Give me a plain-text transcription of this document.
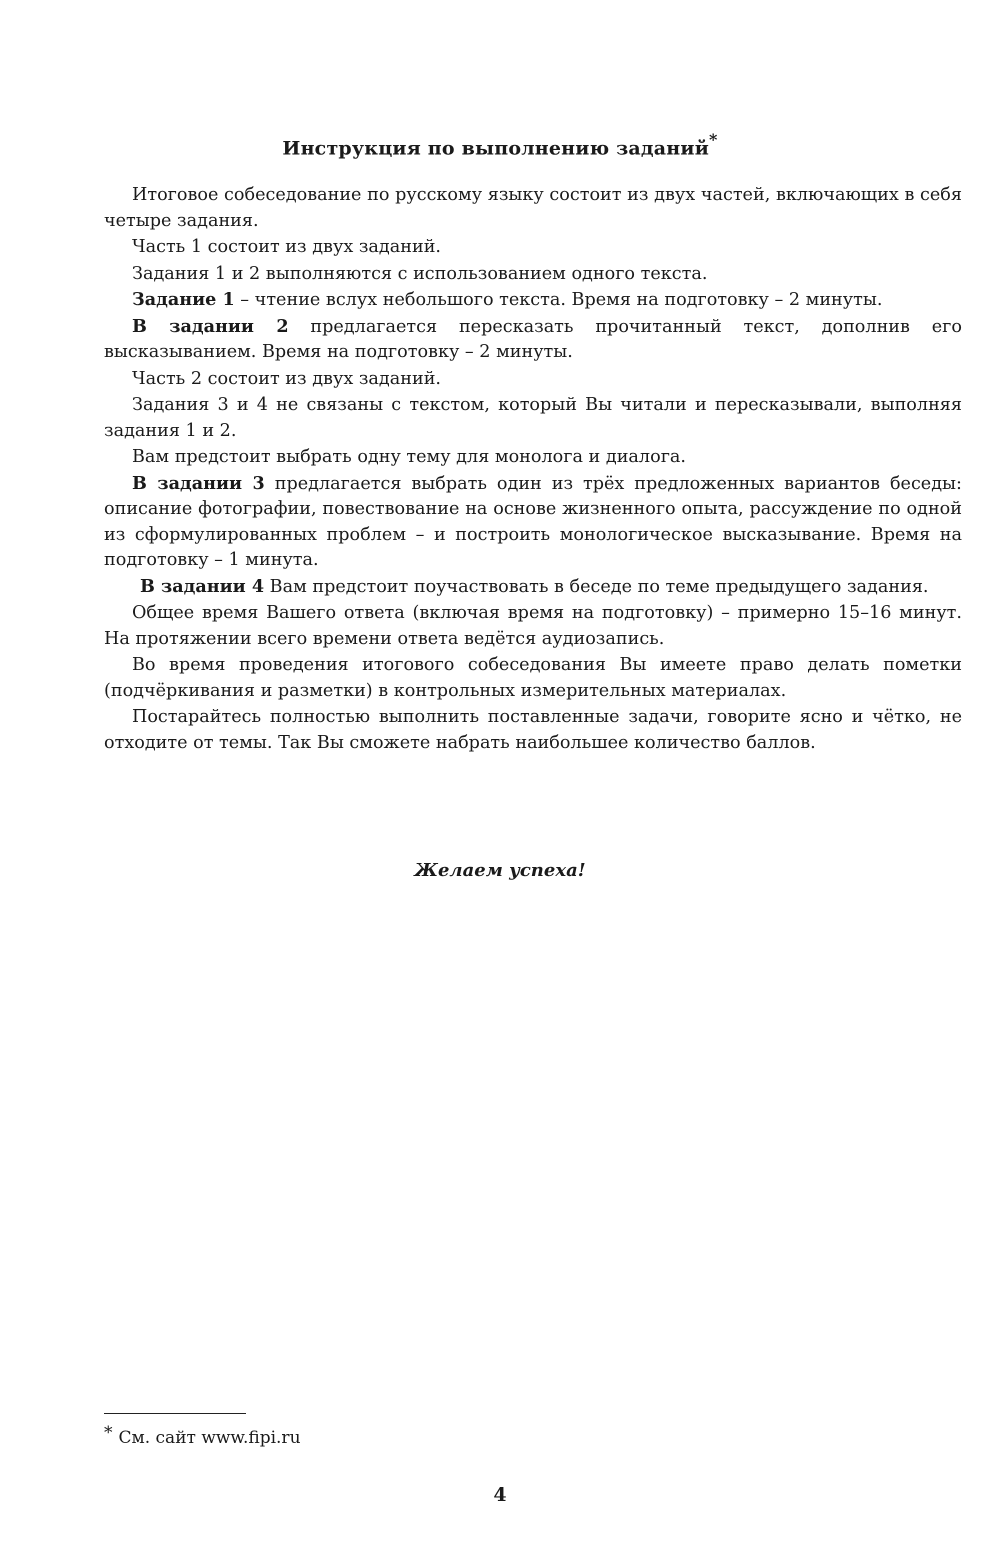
Инструкция по выполнению заданий*

Итоговое собеседование по русскому языку состоит из двух частей, включающих в себя четыре задания.

Часть 1 состоит из двух заданий.

Задания 1 и 2 выполняются с использованием одного текста.

Задание 1 – чтение вслух небольшого текста. Время на подготовку – 2 минуты.

В задании 2 предлагается пересказать прочитанный текст, дополнив его высказыванием. Время на подготовку – 2 минуты.

Часть 2 состоит из двух заданий.

Задания 3 и 4 не связаны с текстом, который Вы читали и пересказывали, выполняя задания 1 и 2.

Вам предстоит выбрать одну тему для монолога и диалога.

В задании 3 предлагается выбрать один из трёх предложенных вариантов беседы: описание фотографии, повествование на основе жизненного опыта, рассуждение по одной из сформулированных проблем – и построить монологическое высказывание. Время на подготовку – 1 минута.

В задании 4 Вам предстоит поучаствовать в беседе по теме предыдущего задания.

Общее время Вашего ответа (включая время на подготовку) – примерно 15–16 минут. На протяжении всего времени ответа ведётся аудиозапись.

Во время проведения итогового собеседования Вы имеете право делать пометки (подчёркивания и разметки) в контрольных измерительных материалах.

Постарайтесь полностью выполнить поставленные задачи, говорите ясно и чётко, не отходите от темы. Так Вы сможете набрать наибольшее количество баллов.

Желаем успеха!
* См. сайт www.fipi.ru
4
